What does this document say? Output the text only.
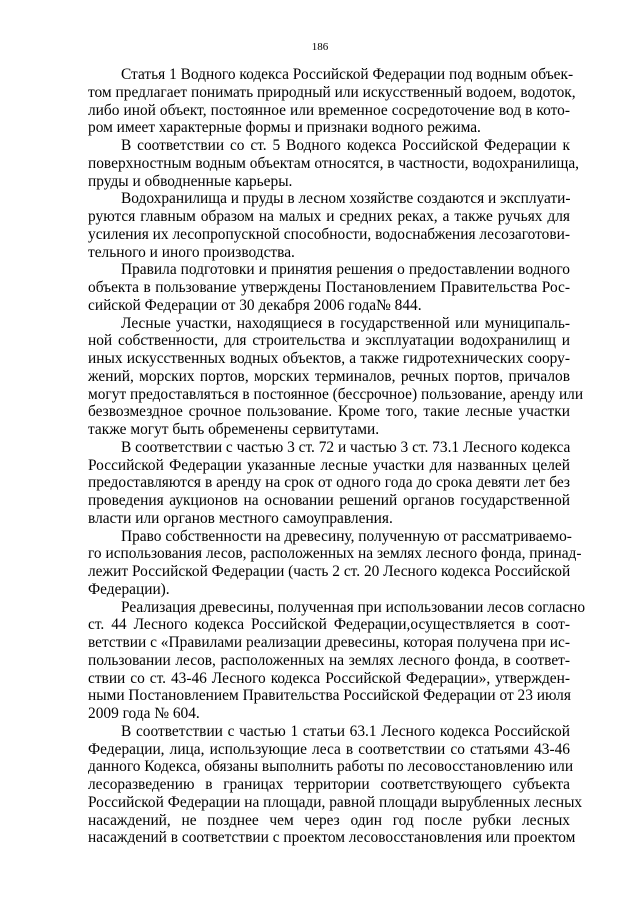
186
Статья 1 Водного кодекса Российской Федерации под водным объек-
том предлагает понимать природный или искусственный водоем, водоток,
либо иной объект, постоянное или временное сосредоточение вод в кото-
ром имеет характерные формы и признаки водного режима.
В соответствии со ст. 5 Водного кодекса Российской Федерации к
поверхностным водным объектам относятся, в частности, водохранилища,
пруды и обводненные карьеры.
Водохранилища и пруды в лесном хозяйстве создаются и эксплуати-
руются главным образом на малых и средних реках, а также ручьях для
усиления их лесопропускной способности, водоснабжения лесозаготови-
тельного и иного производства.
Правила подготовки и принятия решения о предоставлении водного
объекта в пользование утверждены Постановлением Правительства Рос-
сийской Федерации от 30 декабря 2006 года№ 844.
Лесные участки, находящиеся в государственной или муниципаль-
ной собственности, для строительства и эксплуатации водохранилищ и
иных искусственных водных объектов, а также гидротехнических соору-
жений, морских портов, морских терминалов, речных портов, причалов
могут предоставляться в постоянное (бессрочное) пользование, аренду или
безвозмездное срочное пользование. Кроме того, такие лесные участки
также могут быть обременены сервитутами.
В соответствии с частью 3 ст. 72 и частью 3 ст. 73.1 Лесного кодекса
Российской Федерации указанные лесные участки для названных целей
предоставляются в аренду на срок от одного года до срока девяти лет без
проведения аукционов на основании решений органов государственной
власти или органов местного самоуправления.
Право собственности на древесину, полученную от рассматриваемо-
го использования лесов, расположенных на землях лесного фонда, принад-
лежит Российской Федерации (часть 2 ст. 20 Лесного кодекса Российской
Федерации).
Реализация древесины, полученная при использовании лесов согласно
ст. 44 Лесного кодекса Российской Федерации,осуществляется в соот-
ветствии с «Правилами реализации древесины, которая получена при ис-
пользовании лесов, расположенных на землях лесного фонда, в соответ-
ствии со ст. 43-46 Лесного кодекса Российской Федерации», утвержден-
ными Постановлением Правительства Российской Федерации от 23 июля
2009 года № 604.
В соответствии с частью 1 статьи 63.1 Лесного кодекса Российской
Федерации, лица, использующие леса в соответствии со статьями 43-46
данного Кодекса, обязаны выполнить работы по лесовосстановлению или
лесоразведению в границах территории соответствующего субъекта
Российской Федерации на площади, равной площади вырубленных лесных
насаждений, не позднее чем через один год после рубки лесных
насаждений в соответствии с проектом лесовосстановления или проектом
